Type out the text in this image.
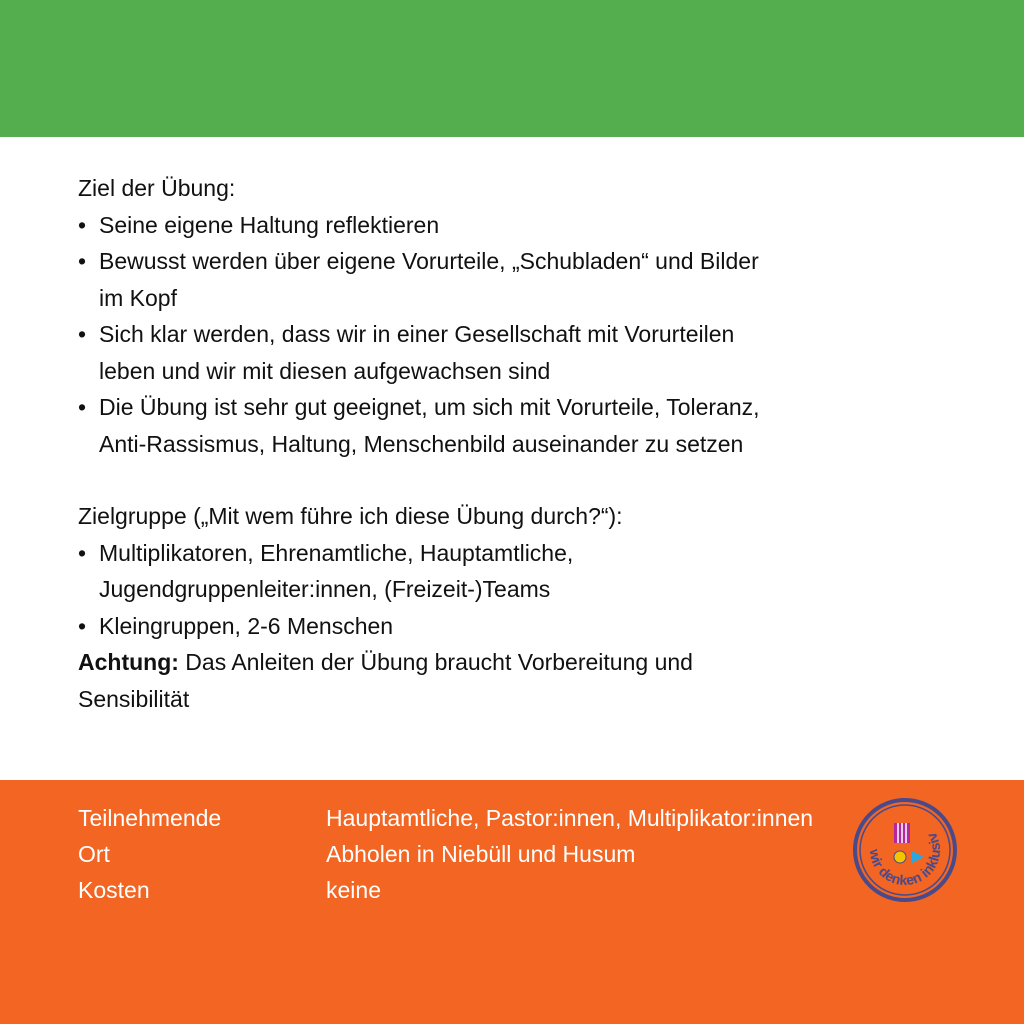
Ziel der Übung:

• Seine eigene Haltung reflektieren

• Bewusst werden über eigene Vorurteile, „Schubladen“ und Bilder

im Kopf

• Sich klar werden, dass wir in einer Gesellschaft mit Vorurteilen

leben und wir mit diesen aufgewachsen sind

• Die Übung ist sehr gut geeignet, um sich mit Vorurteile, Toleranz,

Anti-Rassismus, Haltung, Menschenbild auseinander zu setzen

Zielgruppe („Mit wem führe ich diese Übung durch?“):

• Multiplikatoren, Ehrenamtliche, Hauptamtliche,

Jugendgruppenleiter:innen, (Freizeit-)Teams

• Kleingruppen, 2-6 Menschen

Achtung: Das Anleiten der Übung braucht Vorbereitung und

Sensibilität

Teilnehmende	Hauptamtliche, Pastor:innen, Multiplikator:innen
Ort	Abholen in Niebüll und Husum
Kosten	keine
wir denken inklusiv
